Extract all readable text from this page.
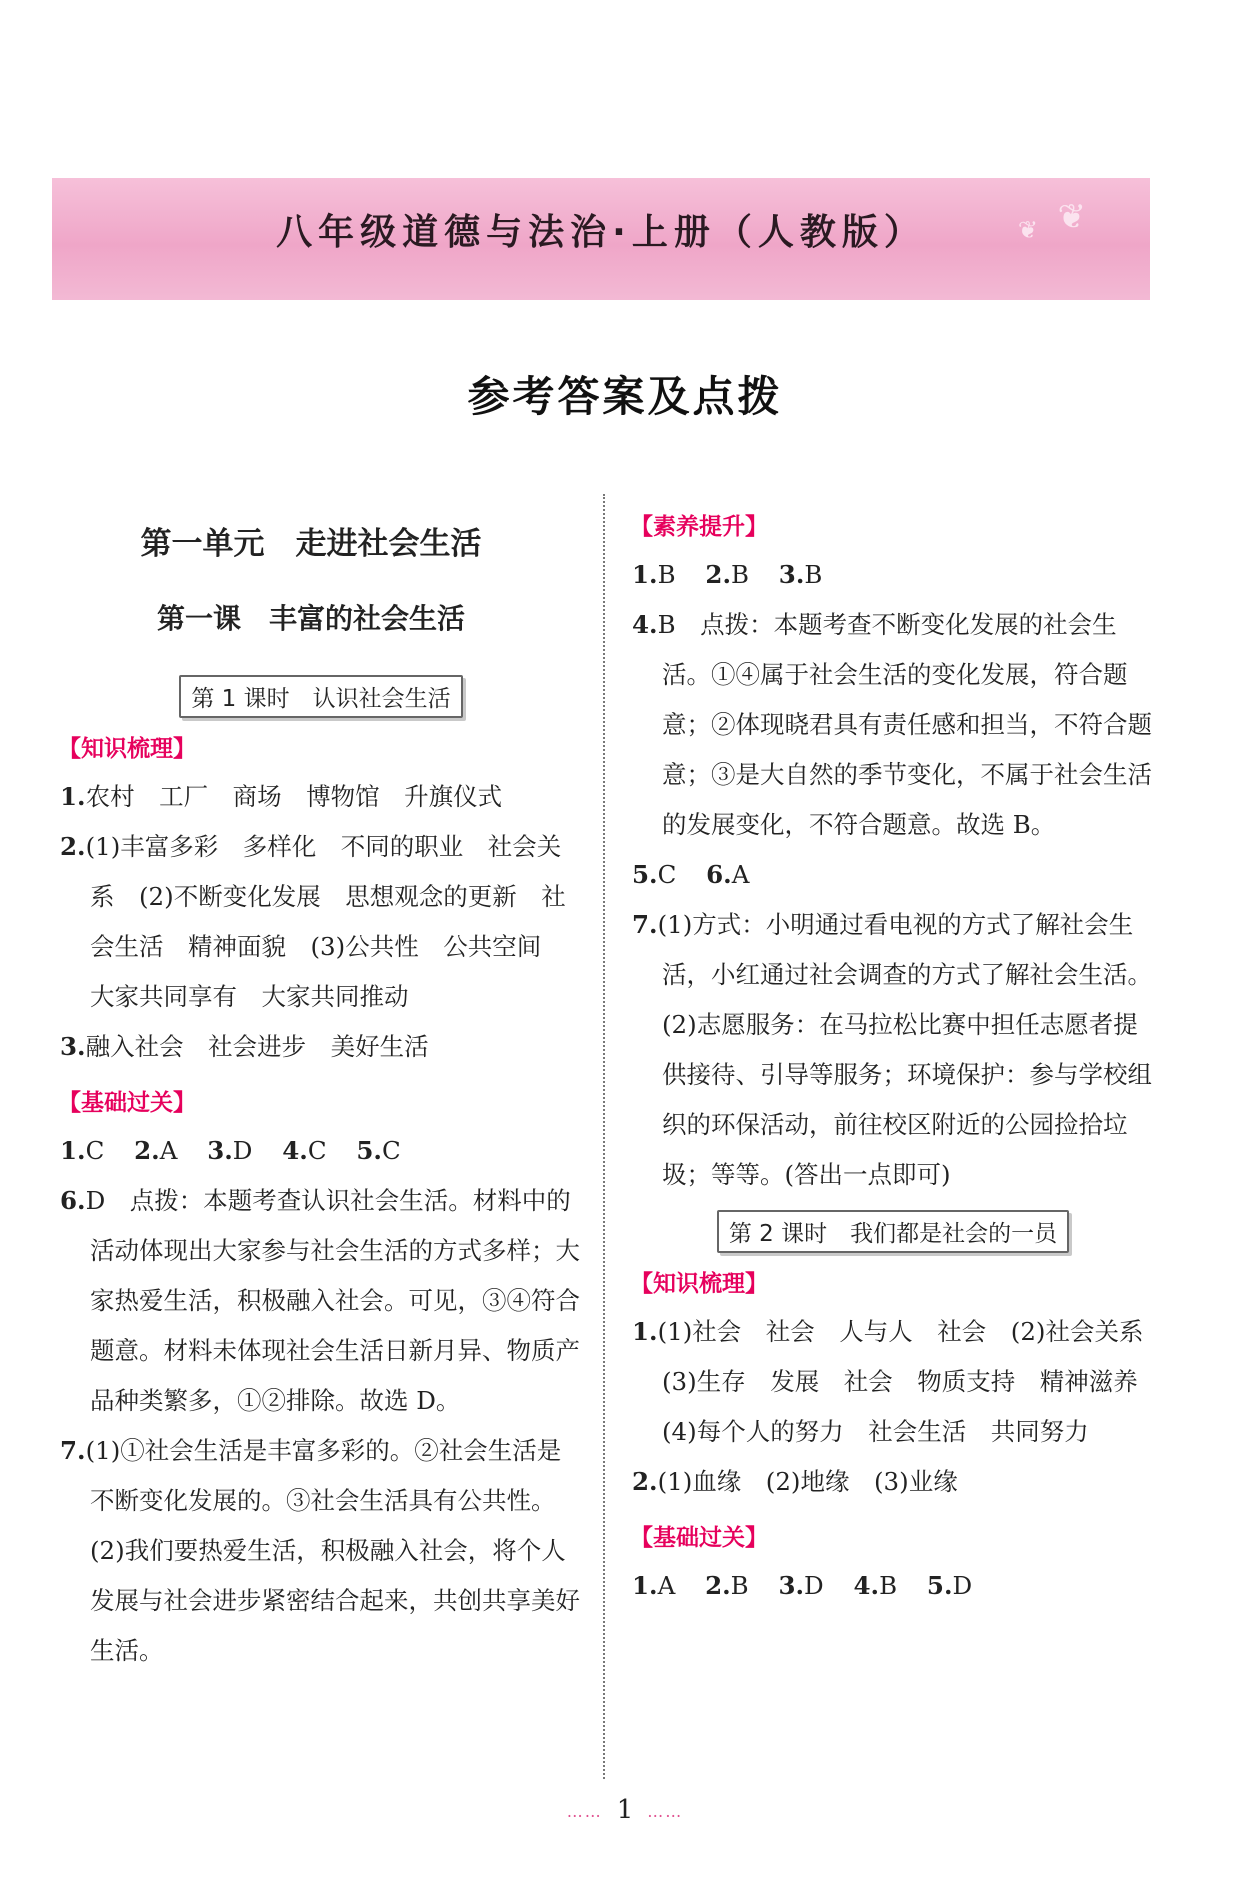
八年级道德与法治·上册（人教版）	❦
❦
参考答案及点拨
第一单元　走进社会生活
第一课　丰富的社会生活
第 1 课时　认识社会生活
【知识梳理】
1.农村　工厂　商场　博物馆　升旗仪式
2.(1)丰富多彩　多样化　不同的职业　社会关系　(2)不断变化发展　思想观念的更新　社会生活　精神面貌　(3)公共性　公共空间　大家共同享有　大家共同推动
3.融入社会　社会进步　美好生活
【基础过关】
1.C 2.A 3.D 4.C 5.C
6.D　点拨：本题考查认识社会生活。材料中的活动体现出大家参与社会生活的方式多样；大家热爱生活，积极融入社会。可见，③④符合题意。材料未体现社会生活日新月异、物质产品种类繁多，①②排除。故选 D。
7.(1)①社会生活是丰富多彩的。②社会生活是不断变化发展的。③社会生活具有公共性。　(2)我们要热爱生活，积极融入社会，将个人发展与社会进步紧密结合起来，共创共享美好生活。
【素养提升】
1.B 2.B 3.B
4.B　点拨：本题考查不断变化发展的社会生活。①④属于社会生活的变化发展，符合题意；②体现晓君具有责任感和担当，不符合题意；③是大自然的季节变化，不属于社会生活的发展变化，不符合题意。故选 B。
5.C 6.A
7.(1)方式：小明通过看电视的方式了解社会生活，小红通过社会调查的方式了解社会生活。　(2)志愿服务：在马拉松比赛中担任志愿者提供接待、引导等服务；环境保护：参与学校组织的环保活动，前往校区附近的公园捡拾垃圾；等等。(答出一点即可)
第 2 课时　我们都是社会的一员
【知识梳理】
1.(1)社会　社会　人与人　社会　(2)社会关系　(3)生存　发展　社会　物质支持　精神滋养　(4)每个人的努力　社会生活　共同努力
2.(1)血缘　(2)地缘　(3)业缘
【基础过关】
1.A 2.B 3.D 4.B 5.D
…… 1 ……
